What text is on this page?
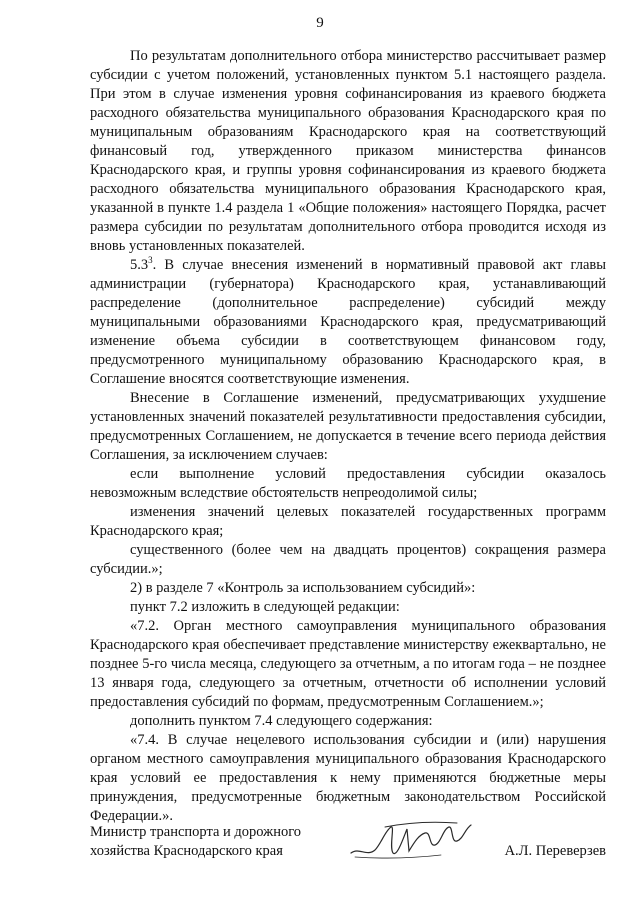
9

По результатам дополнительного отбора министерство рассчитывает размер субсидии с учетом положений, установленных пунктом 5.1 настоящего раздела. При этом в случае изменения уровня софинансирования из краевого бюджета расходного обязательства муниципального образования Краснодарского края по муниципальным образованиям Краснодарского края на соответствующий финансовый год, утвержденного приказом министерства финансов Краснодарского края, и группы уровня софинансирования из краевого бюджета расходного обязательства муниципального образования Краснодарского края, указанной в пункте 1.4 раздела 1 «Общие положения» настоящего Порядка, расчет размера субсидии по результатам дополнительного отбора проводится исходя из вновь установленных показателей.

$5.3^3$. В случае внесения изменений в нормативный правовой акт главы администрации (губернатора) Краснодарского края, устанавливающий распределение (дополнительное распределение) субсидий между муниципальными образованиями Краснодарского края, предусматривающий изменение объема субсидии в соответствующем финансовом году, предусмотренного муниципальному образованию Краснодарского края, в Соглашение вносятся соответствующие изменения.

Внесение в Соглашение изменений, предусматривающих ухудшение установленных значений показателей результативности предоставления субсидии, предусмотренных Соглашением, не допускается в течение всего периода действия Соглашения, за исключением случаев:

если выполнение условий предоставления субсидии оказалось невозможным вследствие обстоятельств непреодолимой силы;

изменения значений целевых показателей государственных программ Краснодарского края;

существенного (более чем на двадцать процентов) сокращения размера субсидии.»;

2) в разделе 7 «Контроль за использованием субсидий»:

пункт 7.2 изложить в следующей редакции:

«7.2. Орган местного самоуправления муниципального образования Краснодарского края обеспечивает представление министерству ежеквартально, не позднее 5-го числа месяца, следующего за отчетным, а по итогам года – не позднее 13 января года, следующего за отчетным, отчетности об исполнении условий предоставления субсидий по формам, предусмотренным Соглашением.»;

дополнить пунктом 7.4 следующего содержания:

«7.4. В случае нецелевого использования субсидии и (или) нарушения органом местного самоуправления муниципального образования Краснодарского края условий ее предоставления к нему применяются бюджетные меры принуждения, предусмотренные бюджетным законодательством Российской Федерации.».

Министр транспорта и дорожного
хозяйства Краснодарского края	А.Л. Переверзев
